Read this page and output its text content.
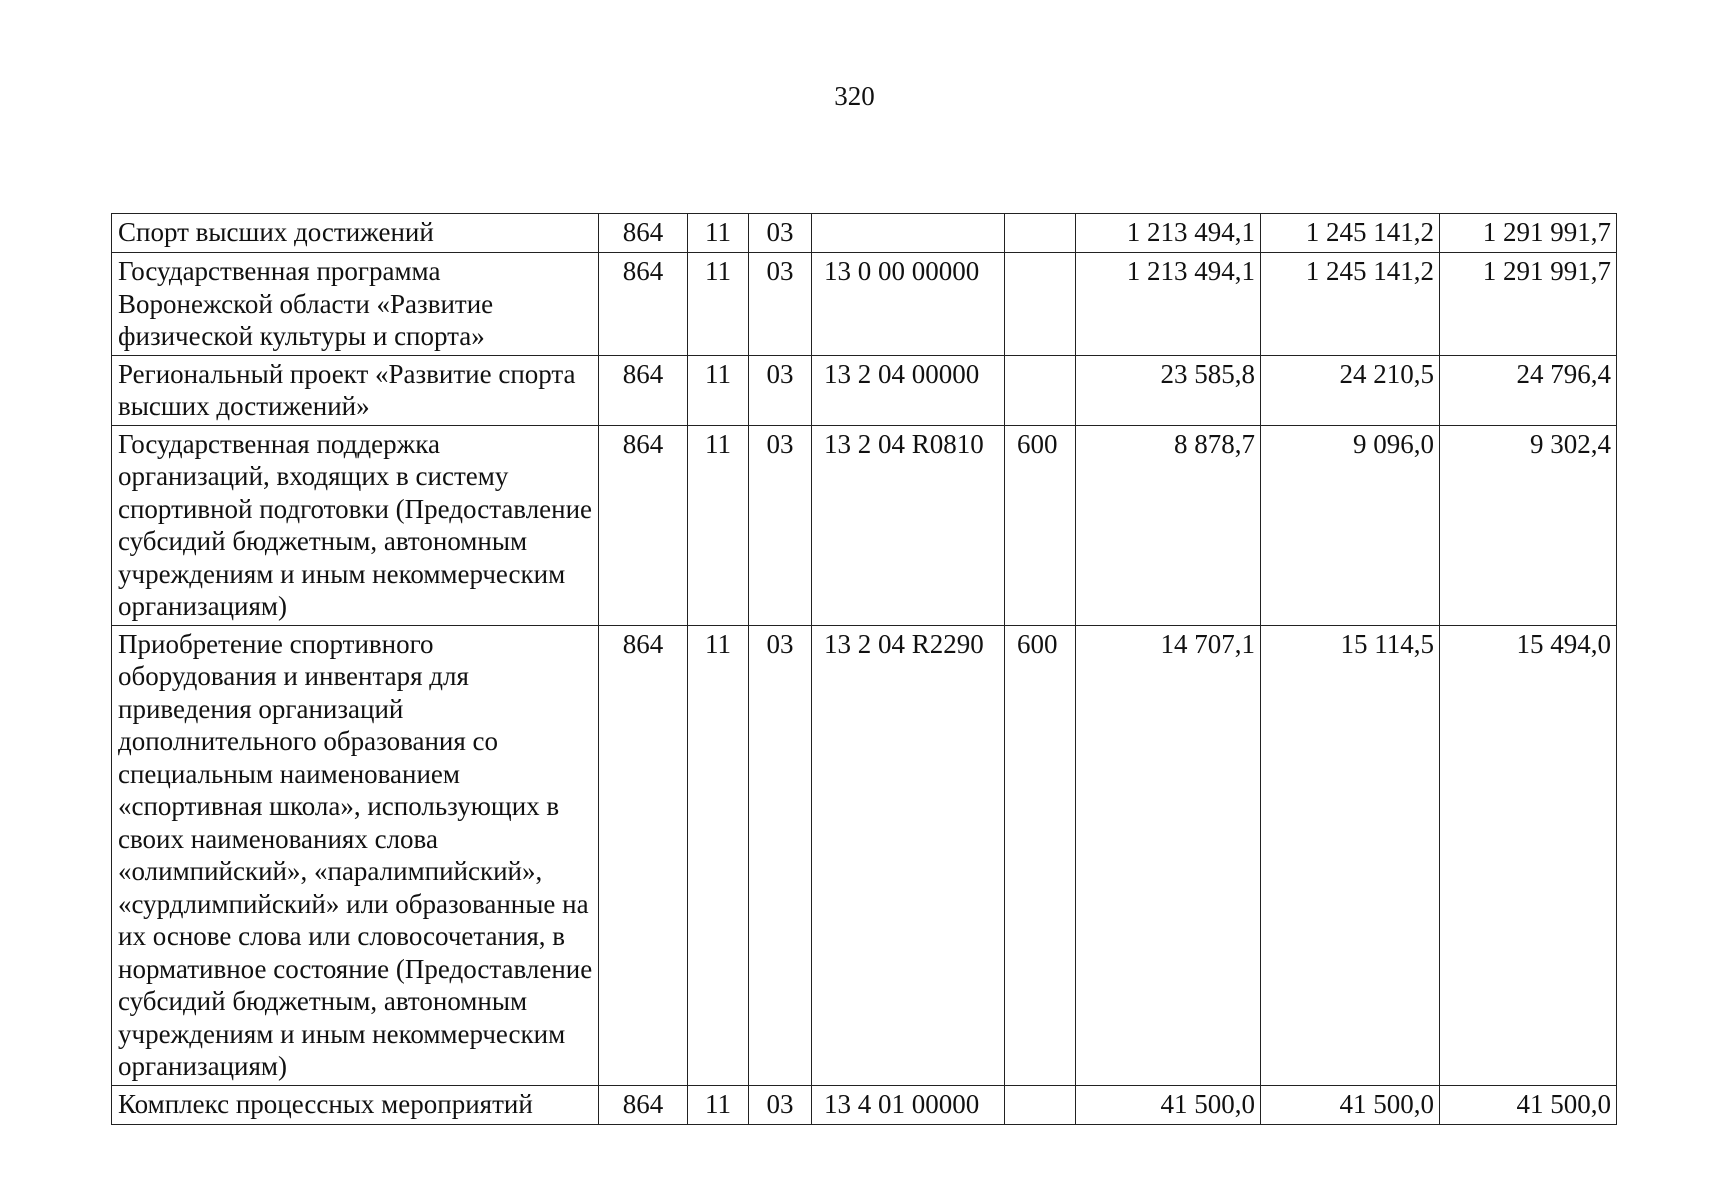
320
Спорт высших достижений	864	11	03			1 213 494,1	1 245 141,2	1 291 991,7
Государственная программа Воронежской области «Развитие физической культуры и спорта»	864	11	03	13 0 00 00000		1 213 494,1	1 245 141,2	1 291 991,7
Региональный проект «Развитие спорта высших достижений»	864	11	03	13 2 04 00000		23 585,8	24 210,5	24 796,4
Государственная поддержка организаций, входящих в систему спортивной подготовки (Предоставление субсидий бюджетным, автономным учреждениям и иным некоммерческим организациям)	864	11	03	13 2 04 R0810	600	8 878,7	9 096,0	9 302,4
Приобретение спортивного оборудования и инвентаря для приведения организаций дополнительного образования со специальным наименованием «спортивная школа», использующих в своих наименованиях слова «олимпийский», «паралимпийский», «сурдлимпийский» или образованные на их основе слова или словосочетания, в нормативное состояние (Предоставление субсидий бюджетным, автономным учреждениям и иным некоммерческим организациям)	864	11	03	13 2 04 R2290	600	14 707,1	15 114,5	15 494,0
Комплекс процессных мероприятий	864	11	03	13 4 01 00000		41 500,0	41 500,0	41 500,0
